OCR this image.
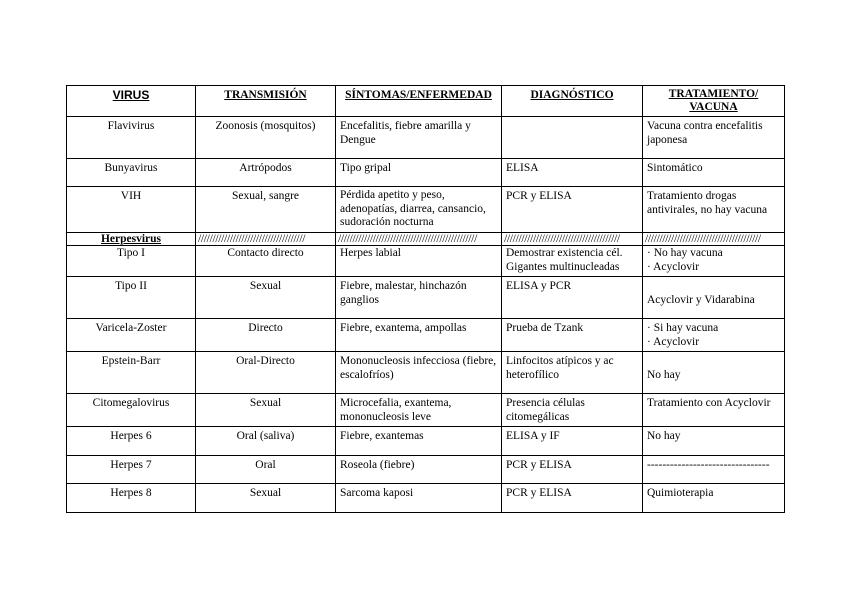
VIRUS	TRANSMISIÓN	SÍNTOMAS/ENFERMEDAD	DIAGNÓSTICO	TRATAMIENTO/
VACUNA
Flavivirus	Zoonosis (mosquitos)	Encefalitis, fiebre amarilla y Dengue		Vacuna contra encefalitis japonesa
Bunyavirus	Artrópodos	Tipo gripal	ELISA	Sintomático
VIH	Sexual, sangre	Pérdida apetito y peso, adenopatías, diarrea, cansancio, sudoración nocturna	PCR y ELISA	Tratamiento drogas antivirales, no hay vacuna
Herpesvirus	/////////////////////////////////////	////////////////////////////////////////////////	////////////////////////////////////////	////////////////////////////////////////
Tipo I	Contacto directo	Herpes labial	Demostrar existencia cél. Gigantes multinucleadas	· No hay vacuna
· Acyclovir

Tipo II	Sexual	Fiebre, malestar, hinchazón ganglios	ELISA y PCR	Acyclovir y Vidarabina

Varicela-Zoster	Directo	Fiebre, exantema, ampollas	Prueba de Tzank	· Si hay vacuna
· Acyclovir

Epstein-Barr	Oral-Directo	Mononucleosis infecciosa (fiebre, escalofríos)	Linfocitos atípicos y ac heterofílico	No hay

Citomegalovirus	Sexual	Microcefalia, exantema, mononucleosis leve	Presencia células citomegálicas	Tratamiento con Acyclovir

Herpes 6	Oral (saliva)	Fiebre, exantemas	ELISA y IF	No hay

Herpes 7	Oral	Roseola (fiebre)	PCR y ELISA	--------------------------------

Herpes 8	Sexual	Sarcoma kaposi	PCR y ELISA	Quimioterapia
